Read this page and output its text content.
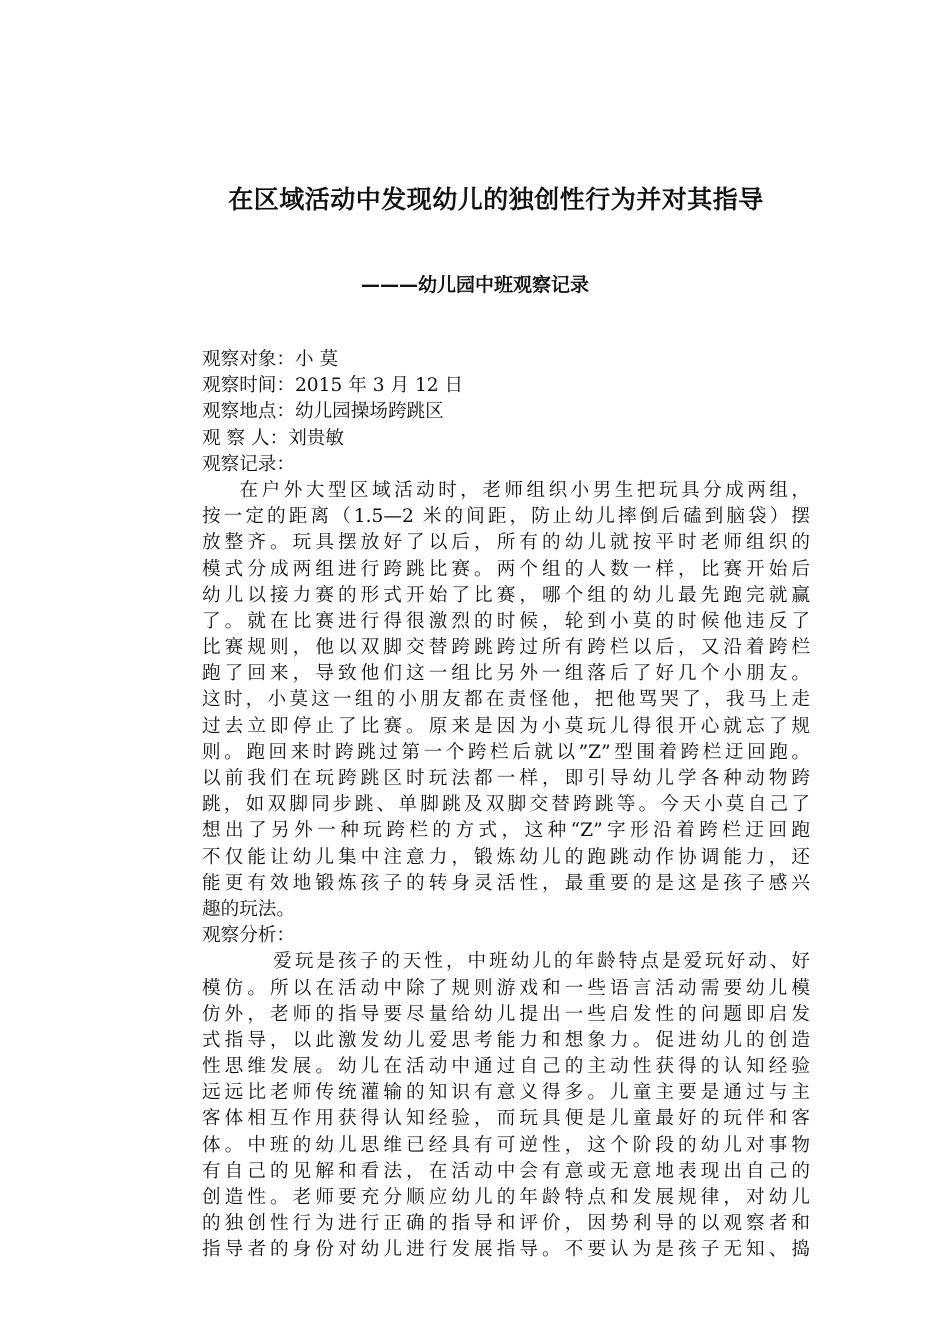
在区域活动中发现幼儿的独创性行为并对其指导
———幼儿园中班观察记录
观察对象：小 莫
观察时间：2015 年 3 月 12 日
观察地点：幼儿园操场跨跳区
观 察 人：刘贵敏
观察记录：
在户外大型区域活动时，老师组织小男生把玩具分成两组，
按一定的距离（1.5—2 米的间距，防止幼儿摔倒后磕到脑袋）摆
放整齐。玩具摆放好了以后，所有的幼儿就按平时老师组织的
模式分成两组进行跨跳比赛。两个组的人数一样，比赛开始后
幼儿以接力赛的形式开始了比赛，哪个组的幼儿最先跑完就赢
了。就在比赛进行得很激烈的时候，轮到小莫的时候他违反了
比赛规则，他以双脚交替跨跳跨过所有跨栏以后，又沿着跨栏
跑了回来，导致他们这一组比另外一组落后了好几个小朋友。
这时，小莫这一组的小朋友都在责怪他，把他骂哭了，我马上走
过去立即停止了比赛。原来是因为小莫玩儿得很开心就忘了规
则。跑回来时跨跳过第一个跨栏后就以”Z”型围着跨栏迂回跑。
以前我们在玩跨跳区时玩法都一样，即引导幼儿学各种动物跨
跳，如双脚同步跳、单脚跳及双脚交替跨跳等。今天小莫自己了
想出了另外一种玩跨栏的方式，这种“Z”字形沿着跨栏迂回跑
不仅能让幼儿集中注意力，锻炼幼儿的跑跳动作协调能力，还
能更有效地锻炼孩子的转身灵活性，最重要的是这是孩子感兴
趣的玩法。
观察分析：
爱玩是孩子的天性，中班幼儿的年龄特点是爱玩好动、好
模仿。所以在活动中除了规则游戏和一些语言活动需要幼儿模
仿外，老师的指导要尽量给幼儿提出一些启发性的问题即启发
式指导，以此激发幼儿爱思考能力和想象力。促进幼儿的创造
性思维发展。幼儿在活动中通过自己的主动性获得的认知经验
远远比老师传统灌输的知识有意义得多。儿童主要是通过与主
客体相互作用获得认知经验，而玩具便是儿童最好的玩伴和客
体。中班的幼儿思维已经具有可逆性，这个阶段的幼儿对事物
有自己的见解和看法，在活动中会有意或无意地表现出自己的
创造性。老师要充分顺应幼儿的年龄特点和发展规律，对幼儿
的独创性行为进行正确的指导和评价，因势利导的以观察者和
指导者的身份对幼儿进行发展指导。不要认为是孩子无知、捣
